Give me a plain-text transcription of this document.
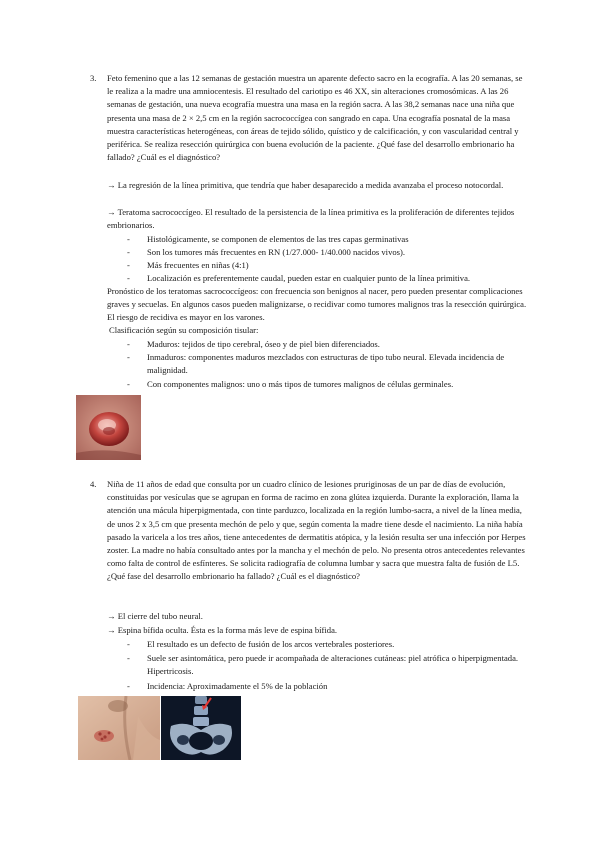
3. Feto femenino que a las 12 semanas de gestación muestra un aparente defecto sacro en la ecografía. A las 20 semanas, se le realiza a la madre una amniocentesis. El resultado del cariotipo es 46 XX, sin alteraciones cromosómicas. A las 26 semanas de gestación, una nueva ecografía muestra una masa en la región sacra. A las 38,2 semanas nace una niña que presenta una masa de 2 × 2,5 cm en la región sacrococcígea con sangrado en capa. Una ecografía posnatal de la masa muestra características heterogéneas, con áreas de tejido sólido, quístico y de calcificación, y con vascularidad central y periférica. Se realiza resección quirúrgica con buena evolución de la paciente. ¿Qué fase del desarrollo embrionario ha fallado? ¿Cuál es el diagnóstico?

→ La regresión de la línea primitiva, que tendría que haber desaparecido a medida avanzaba el proceso notocordal.

→ Teratoma sacrococcígeo. El resultado de la persistencia de la línea primitiva es la proliferación de diferentes tejidos embrionarios.

-	Histológicamente, se componen de elementos de las tres capas germinativas

-	Son los tumores más frecuentes en RN (1/27.000- 1/40.000 nacidos vivos).

-	Más frecuentes en niñas (4:1)

-	Localización es preferentemente caudal, pueden estar en cualquier punto de la línea primitiva.

Pronóstico de los teratomas sacrococcígeos: con frecuencia son benignos al nacer, pero pueden presentar complicaciones graves y secuelas. En algunos casos pueden malignizarse, o recidivar como tumores malignos tras la resección quirúrgica. El riesgo de recidiva es mayor en los varones.

Clasificación según su composición tisular:

-	Maduros: tejidos de tipo cerebral, óseo y de piel bien diferenciados.

-	Inmaduros: componentes maduros mezclados con estructuras de tipo tubo neural. Elevada incidencia de malignidad.

-	Con componentes malignos: uno o más tipos de tumores malignos de células germinales.

4. Niña de 11 años de edad que consulta por un cuadro clínico de lesiones pruriginosas de un par de días de evolución, constituidas por vesículas que se agrupan en forma de racimo en zona glútea izquierda. Durante la exploración, llama la atención una mácula hiperpigmentada, con tinte parduzco, localizada en la región lumbo-sacra, a nivel de la línea media, de unos 2 x 3,5 cm que presenta mechón de pelo y que, según comenta la madre tiene desde el nacimiento. La niña había pasado la varicela a los tres años, tiene antecedentes de dermatitis atópica, y la lesión resulta ser una infección por Herpes zoster. La madre no había consultado antes por la mancha y el mechón de pelo. No presenta otros antecedentes relevantes como falta de control de esfínteres. Se solicita radiografía de columna lumbar y sacra que muestra falta de fusión de L5. ¿Qué fase del desarrollo embrionario ha fallado? ¿Cuál es el diagnóstico?

→ El cierre del tubo neural.

→ Espina bífida oculta. Ésta es la forma más leve de espina bífida.

-	El resultado es un defecto de fusión de los arcos vertebrales posteriores.

-	Suele ser asintomática, pero puede ir acompañada de alteraciones cutáneas: piel atrófica o hiperpigmentada. Hipertricosis.

-	Incidencia: Aproximadamente el 5% de la población
